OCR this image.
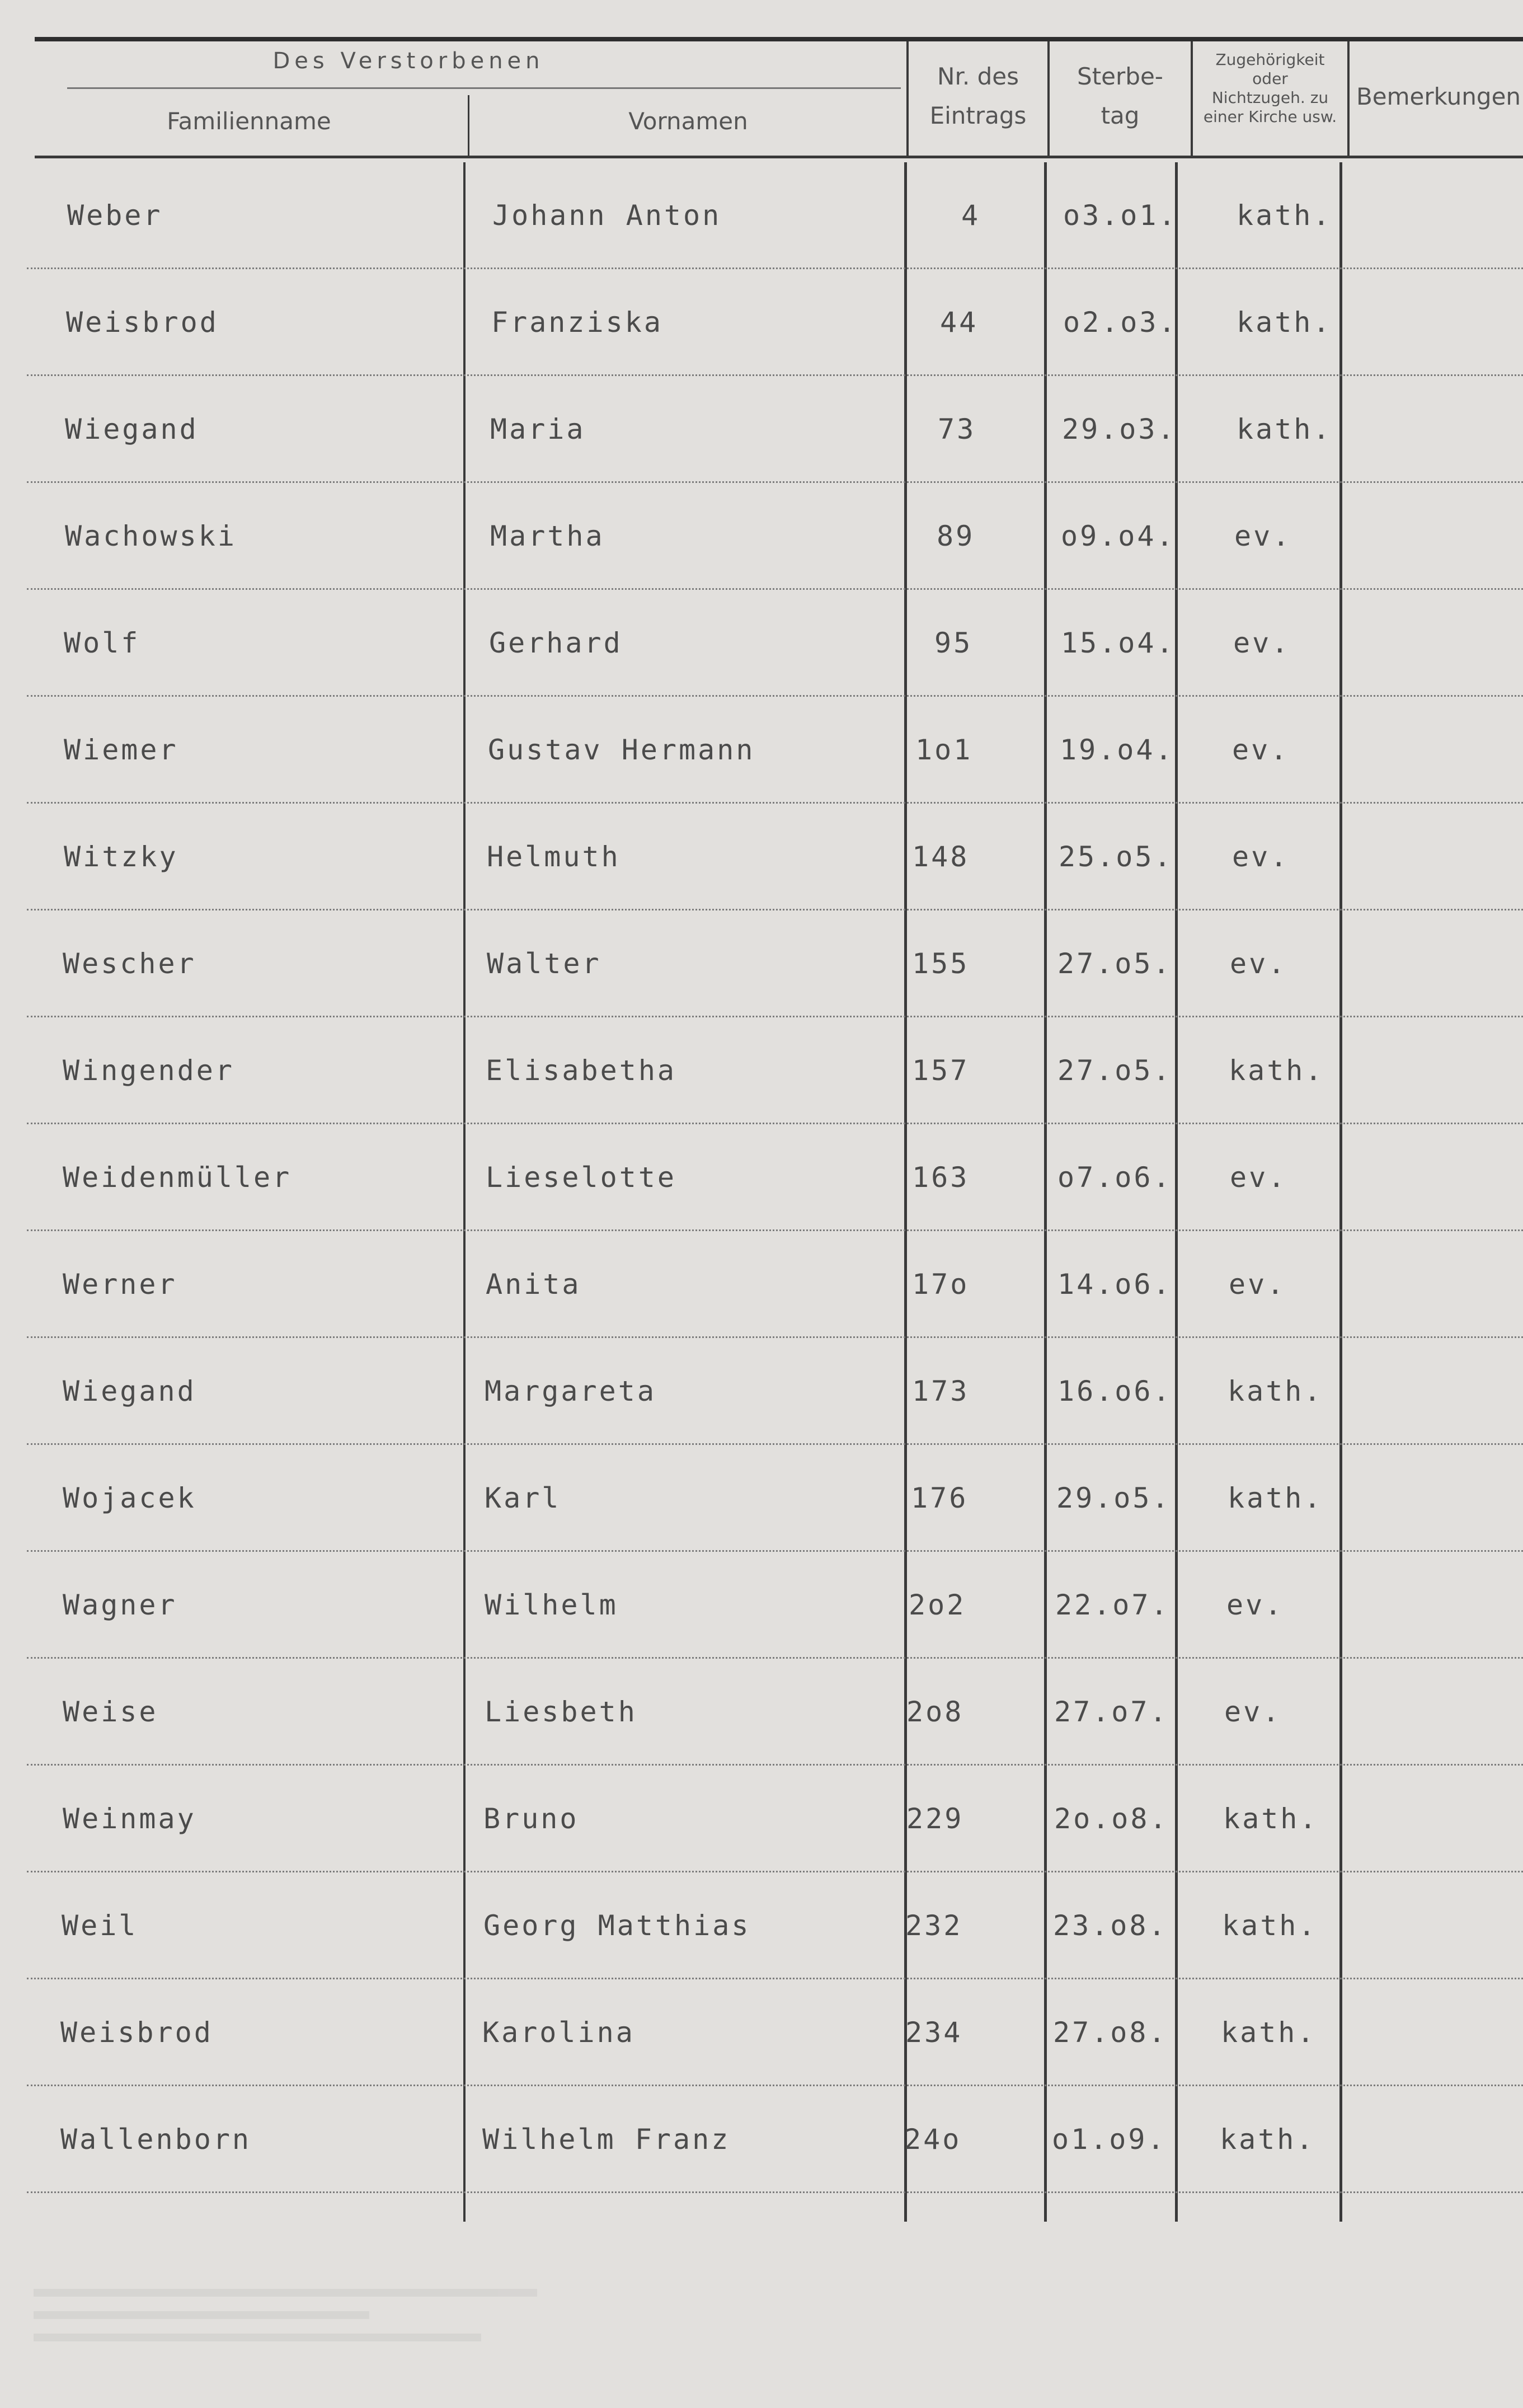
Des Verstorbenen
Familienname	Vornamen
Nr. des
Eintrags
Sterbe-
tag
Zugehörigkeit
oder
Nichtzugeh. zu
einer Kirche usw.
Bemerkungen
Weber	Johann Anton	4	o3.o1. kath.
Weisbrod	Franziska	44	o2.o3. kath.
Wiegand	Maria	73	29.o3. kath.
Wachowski	Martha	89	o9.o4. ev.
Wolf	Gerhard	95	15.o4. ev.
Wiemer	Gustav Hermann	1o1	19.o4. ev.
Witzky	Helmuth	148	25.o5. ev.
Wescher	Walter	155	27.o5. ev.
Wingender	Elisabetha	157	27.o5. kath.
Weidenmüller	Lieselotte	163	o7.o6. ev.
Werner	Anita	17o	14.o6. ev.
Wiegand	Margareta	173	16.o6. kath.
Wojacek	Karl	176	29.o5. kath.
Wagner	Wilhelm	2o2	22.o7. ev.
Weise	Liesbeth	2o8	27.o7. ev.
Weinmay	Bruno	229	2o.o8. kath.
Weil	Georg Matthias	232	23.o8. kath.
Weisbrod	Karolina	234	27.o8. kath.
Wallenborn	Wilhelm Franz	24o	o1.o9. kath.
